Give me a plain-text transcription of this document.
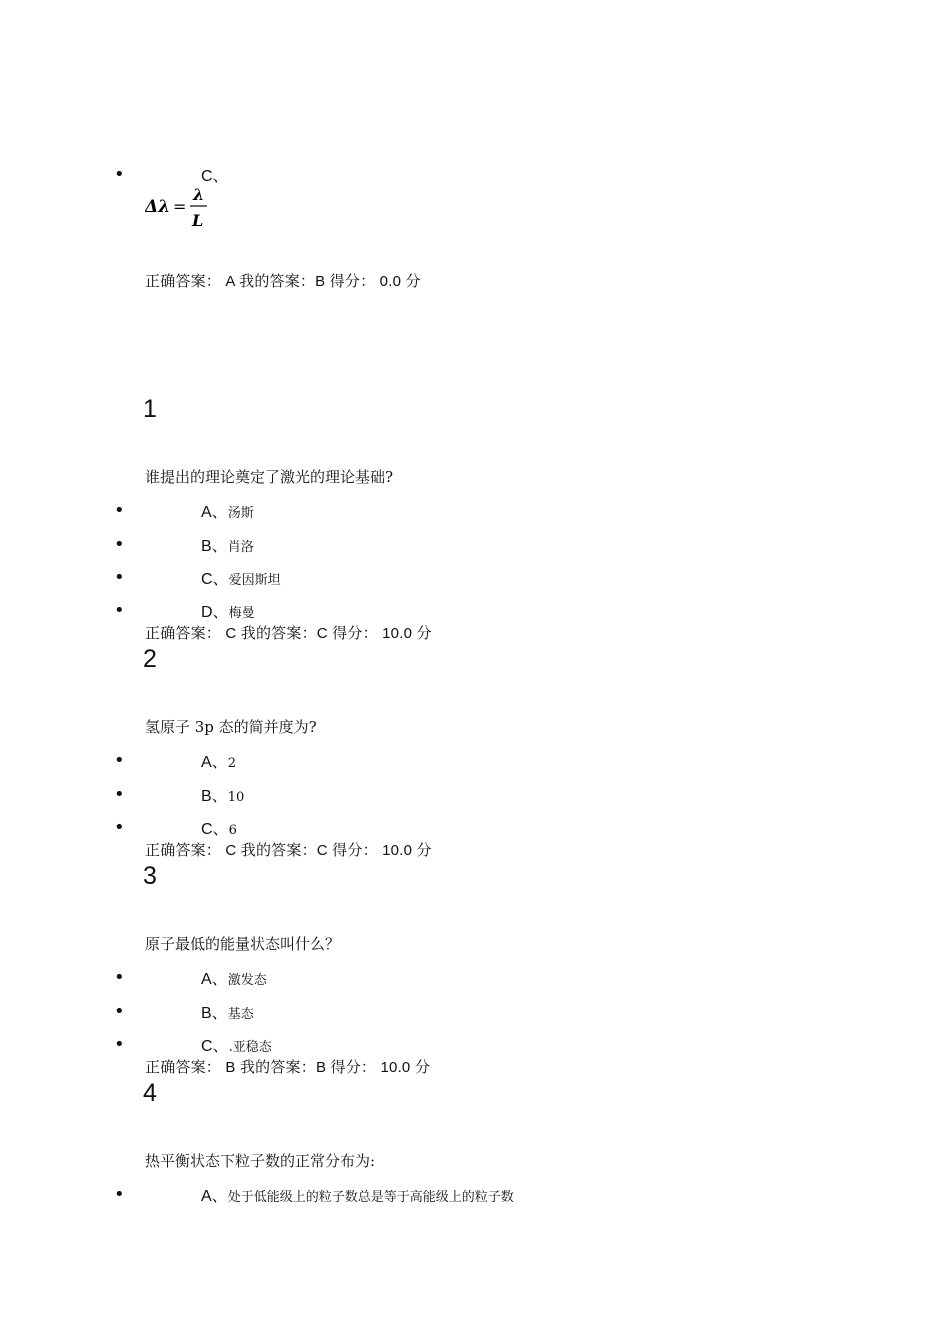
•	C、
Δλ =
λ
L
正确答案： A 我的答案：B 得分： 0.0 分
1
谁提出的理论奠定了激光的理论基础?
•	A、汤斯
•	B、肖洛
•	C、爱因斯坦
•	D、梅曼
正确答案： C 我的答案：C 得分： 10.0 分
2
氢原子 3p 态的简并度为?
•	A、2
•	B、10
•	C、6
正确答案： C 我的答案：C 得分： 10.0 分
3
原子最低的能量状态叫什么？
•	A、激发态
•	B、基态
•	C、.亚稳态
正确答案： B 我的答案：B 得分： 10.0 分
4
热平衡状态下粒子数的正常分布为:
•	A、处于低能级上的粒子数总是等于高能级上的粒子数
